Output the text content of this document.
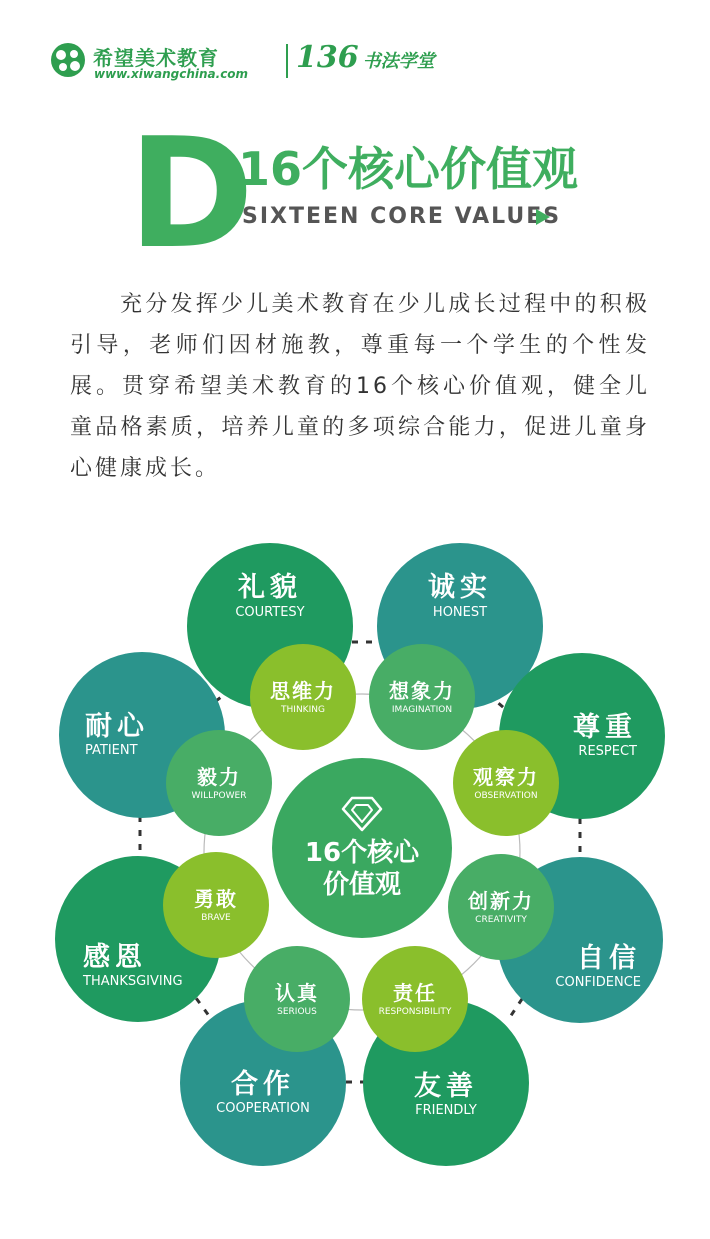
希望美术教育
www.xiwangchina.com 136 书法学堂
D
16个核心价值观
SIXTEEN CORE VALUES
充分发挥少儿美术教育在少儿成长过程中的积极引导，老师们因材施教，尊重每一个学生的个性发展。贯穿希望美术教育的16个核心价值观，健全儿童品格素质，培养儿童的多项综合能力，促进儿童身心健康成长。
礼貌
COURTESY
诚实
HONEST
耐心
PATIENT
尊重
RESPECT
感恩
THANKSGIVING
自信
CONFIDENCE
合作
COOPERATION
友善
FRIENDLY
思维力
THINKING
想象力
IMAGINATION
毅力
WILLPOWER
观察力
OBSERVATION
勇敢
BRAVE
创新力
CREATIVITY
认真
SERIOUS
责任
RESPONSIBILITY
16个核心
价值观
